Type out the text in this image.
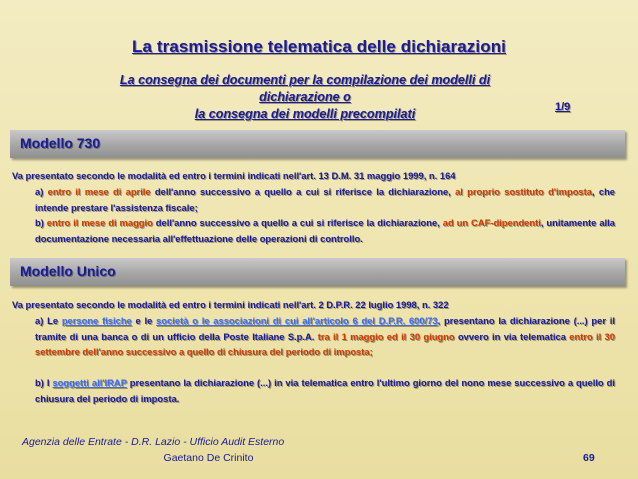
La trasmissione telematica delle dichiarazioni
La consegna dei documenti per la compilazione dei modelli di
dichiarazione o
la consegna dei modelli precompilati	1/9
Modello 730
Va presentato secondo le modalità ed entro i termini indicati nell'art. 13 D.M. 31 maggio 1999, n. 164
a) entro il mese di aprile dell'anno successivo a quello a cui si riferisce la dichiarazione, al proprio sostituto d'imposta, che intende prestare l'assistenza fiscale;
b) entro il mese di maggio dell'anno successivo a quello a cui si riferisce la dichiarazione, ad un CAF-dipendenti, unitamente alla documentazione necessaria all'effettuazione delle operazioni di controllo.
Modello Unico
Va presentato secondo le modalità ed entro i termini indicati nell'art. 2 D.P.R. 22 luglio 1998, n. 322
a) Le persone fisiche e le società o le associazioni di cui all'articolo 6 del D.P.R. 600/73, presentano la dichiarazione (...) per il tramite di una banca o di un ufficio della Poste Italiane S.p.A. tra il 1 maggio ed il 30 giugno ovvero in via telematica entro il 30 settembre dell'anno successivo a quello di chiusura del periodo di imposta;
b) I soggetti all'IRAP presentano la dichiarazione (...) in via telematica entro l'ultimo giorno del nono mese successivo a quello di chiusura del periodo di imposta.
Agenzia delle Entrate - D.R. Lazio - Ufficio Audit Esterno
Gaetano De Crinito	69
